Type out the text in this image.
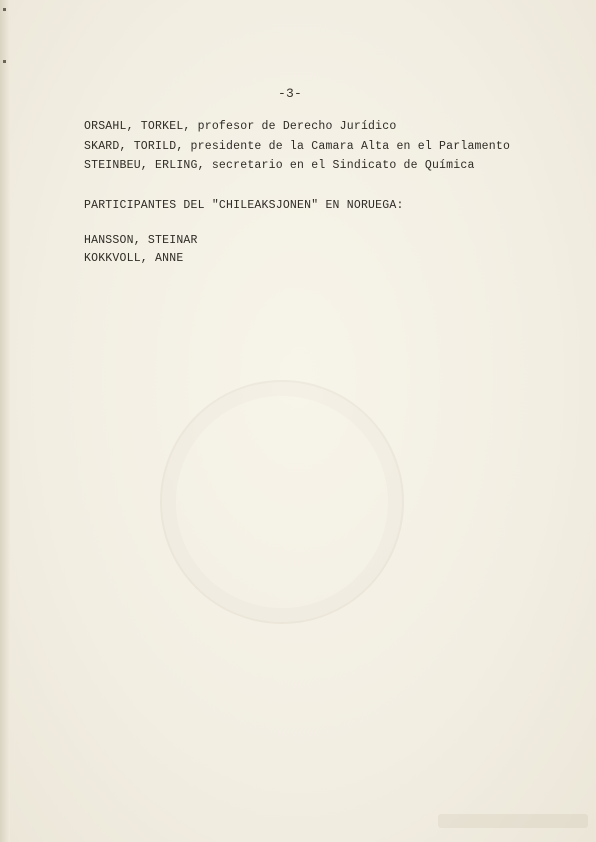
-3-
ORSAHL, TORKEL, profesor de Derecho Jurídico
SKARD, TORILD, presidente de la Camara Alta en el Parlamento
STEINBEU, ERLING, secretario en el Sindicato de Química
PARTICIPANTES DEL "CHILEAKSJONEN" EN NORUEGA:
HANSSON, STEINAR
KOKKVOLL, ANNE
